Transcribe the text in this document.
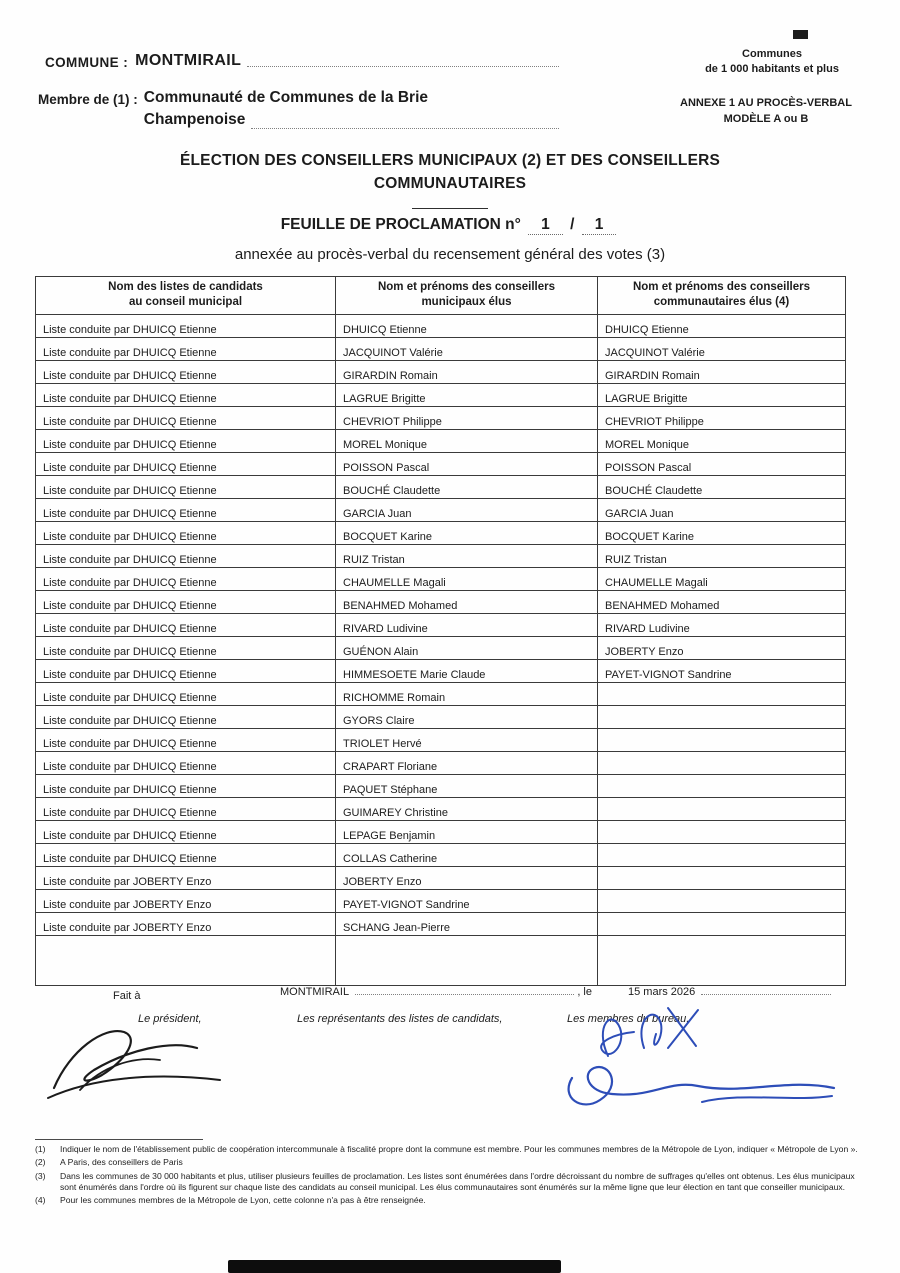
COMMUNE : MONTMIRAIL	Communes
de 1 000 habitants et plus
Membre de (1) : Communauté de Communes de la Brie
Champenoise
ANNEXE 1 AU PROCÈS-VERBAL
MODÈLE A ou B
ÉLECTION DES CONSEILLERS MUNICIPAUX (2) ET DES CONSEILLERS
COMMUNAUTAIRES
FEUILLE DE PROCLAMATION n° 1 / 1
annexée au procès-verbal du recensement général des votes (3)
Nom des listes de candidats
au conseil municipal

Nom et prénoms des conseillers
municipaux élus

Nom et prénoms des conseillers
communautaires élus (4)

Liste conduite par DHUICQ Etienne	DHUICQ Etienne	DHUICQ Etienne
Liste conduite par DHUICQ Etienne	JACQUINOT Valérie	JACQUINOT Valérie
Liste conduite par DHUICQ Etienne	GIRARDIN Romain	GIRARDIN Romain
Liste conduite par DHUICQ Etienne	LAGRUE Brigitte	LAGRUE Brigitte
Liste conduite par DHUICQ Etienne	CHEVRIOT Philippe	CHEVRIOT Philippe
Liste conduite par DHUICQ Etienne	MOREL Monique	MOREL Monique
Liste conduite par DHUICQ Etienne	POISSON Pascal	POISSON Pascal
Liste conduite par DHUICQ Etienne	BOUCHÉ Claudette	BOUCHÉ Claudette
Liste conduite par DHUICQ Etienne	GARCIA Juan	GARCIA Juan
Liste conduite par DHUICQ Etienne	BOCQUET Karine	BOCQUET Karine
Liste conduite par DHUICQ Etienne	RUIZ Tristan	RUIZ Tristan
Liste conduite par DHUICQ Etienne	CHAUMELLE Magali	CHAUMELLE Magali
Liste conduite par DHUICQ Etienne	BENAHMED Mohamed	BENAHMED Mohamed
Liste conduite par DHUICQ Etienne	RIVARD Ludivine	RIVARD Ludivine
Liste conduite par DHUICQ Etienne	GUÉNON Alain	JOBERTY Enzo
Liste conduite par DHUICQ Etienne	HIMMESOETE Marie Claude	PAYET-VIGNOT Sandrine
Liste conduite par DHUICQ Etienne	RICHOMME Romain	
Liste conduite par DHUICQ Etienne	GYORS Claire	
Liste conduite par DHUICQ Etienne	TRIOLET Hervé	
Liste conduite par DHUICQ Etienne	CRAPART Floriane	
Liste conduite par DHUICQ Etienne	PAQUET Stéphane	
Liste conduite par DHUICQ Etienne	GUIMAREY Christine	
Liste conduite par DHUICQ Etienne	LEPAGE Benjamin	
Liste conduite par DHUICQ Etienne	COLLAS Catherine	
Liste conduite par JOBERTY Enzo	JOBERTY Enzo	
Liste conduite par JOBERTY Enzo	PAYET-VIGNOT Sandrine	
Liste conduite par JOBERTY Enzo	SCHANG Jean-Pierre	

Fait à	MONTMIRAIL	, le	15 mars 2026
Le président,	Les représentants des listes de candidats,	Les membres du bureau,
(1)	Indiquer le nom de l'établissement public de coopération intercommunale à fiscalité propre dont la commune est membre. Pour les communes membres de la Métropole de Lyon, indiquer « Métropole de Lyon ».
(2)	A Paris, des conseillers de Paris
(3)	Dans les communes de 30 000 habitants et plus, utiliser plusieurs feuilles de proclamation. Les listes sont énumérées dans l'ordre décroissant du nombre de suffrages qu'elles ont obtenus. Les élus municipaux sont énumérés dans l'ordre où ils figurent sur chaque liste des candidats au conseil municipal. Les élus communautaires sont énumérés sur la même ligne que leur élection en tant que conseiller municipaux.
(4)	Pour les communes membres de la Métropole de Lyon, cette colonne n'a pas à être renseignée.
